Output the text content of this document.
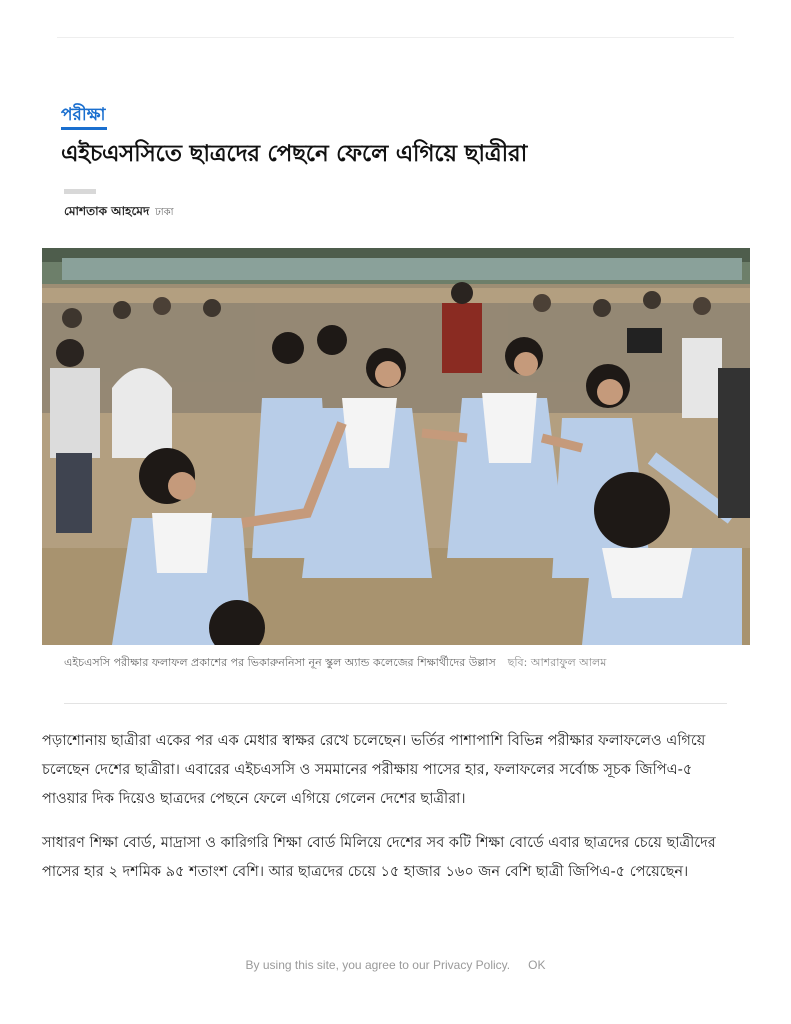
পরীক্ষা
এইচএসসিতে ছাত্রদের পেছনে ফেলে এগিয়ে ছাত্রীরা
মোশতাক আহমেদ ঢাকা
এইচএসসি পরীক্ষার ফলাফল প্রকাশের পর ভিকারুননিসা নূন স্কুল অ্যান্ড কলেজের শিক্ষার্থীদের উল্লাস ছবি: আশরাফুল আলম

পড়াশোনায় ছাত্রীরা একের পর এক মেধার স্বাক্ষর রেখে চলেছেন। ভর্তির পাশাপাশি বিভিন্ন পরীক্ষার ফলাফলেও এগিয়ে চলেছেন দেশের ছাত্রীরা। এবারের এইচএসসি ও সমমানের পরীক্ষায় পাসের হার, ফলাফলের সর্বোচ্চ সূচক জিপিএ-৫ পাওয়ার দিক দিয়েও ছাত্রদের পেছনে ফেলে এগিয়ে গেলেন দেশের ছাত্রীরা।

সাধারণ শিক্ষা বোর্ড, মাদ্রাসা ও কারিগরি শিক্ষা বোর্ড মিলিয়ে দেশের সব কটি শিক্ষা বোর্ডে এবার ছাত্রদের চেয়ে ছাত্রীদের পাসের হার ২ দশমিক ৯৫ শতাংশ বেশি। আর ছাত্রদের চেয়ে ১৫ হাজার ১৬০ জন বেশি ছাত্রী জিপিএ-৫ পেয়েছেন।

By using this site, you agree to our Privacy Policy. OK
